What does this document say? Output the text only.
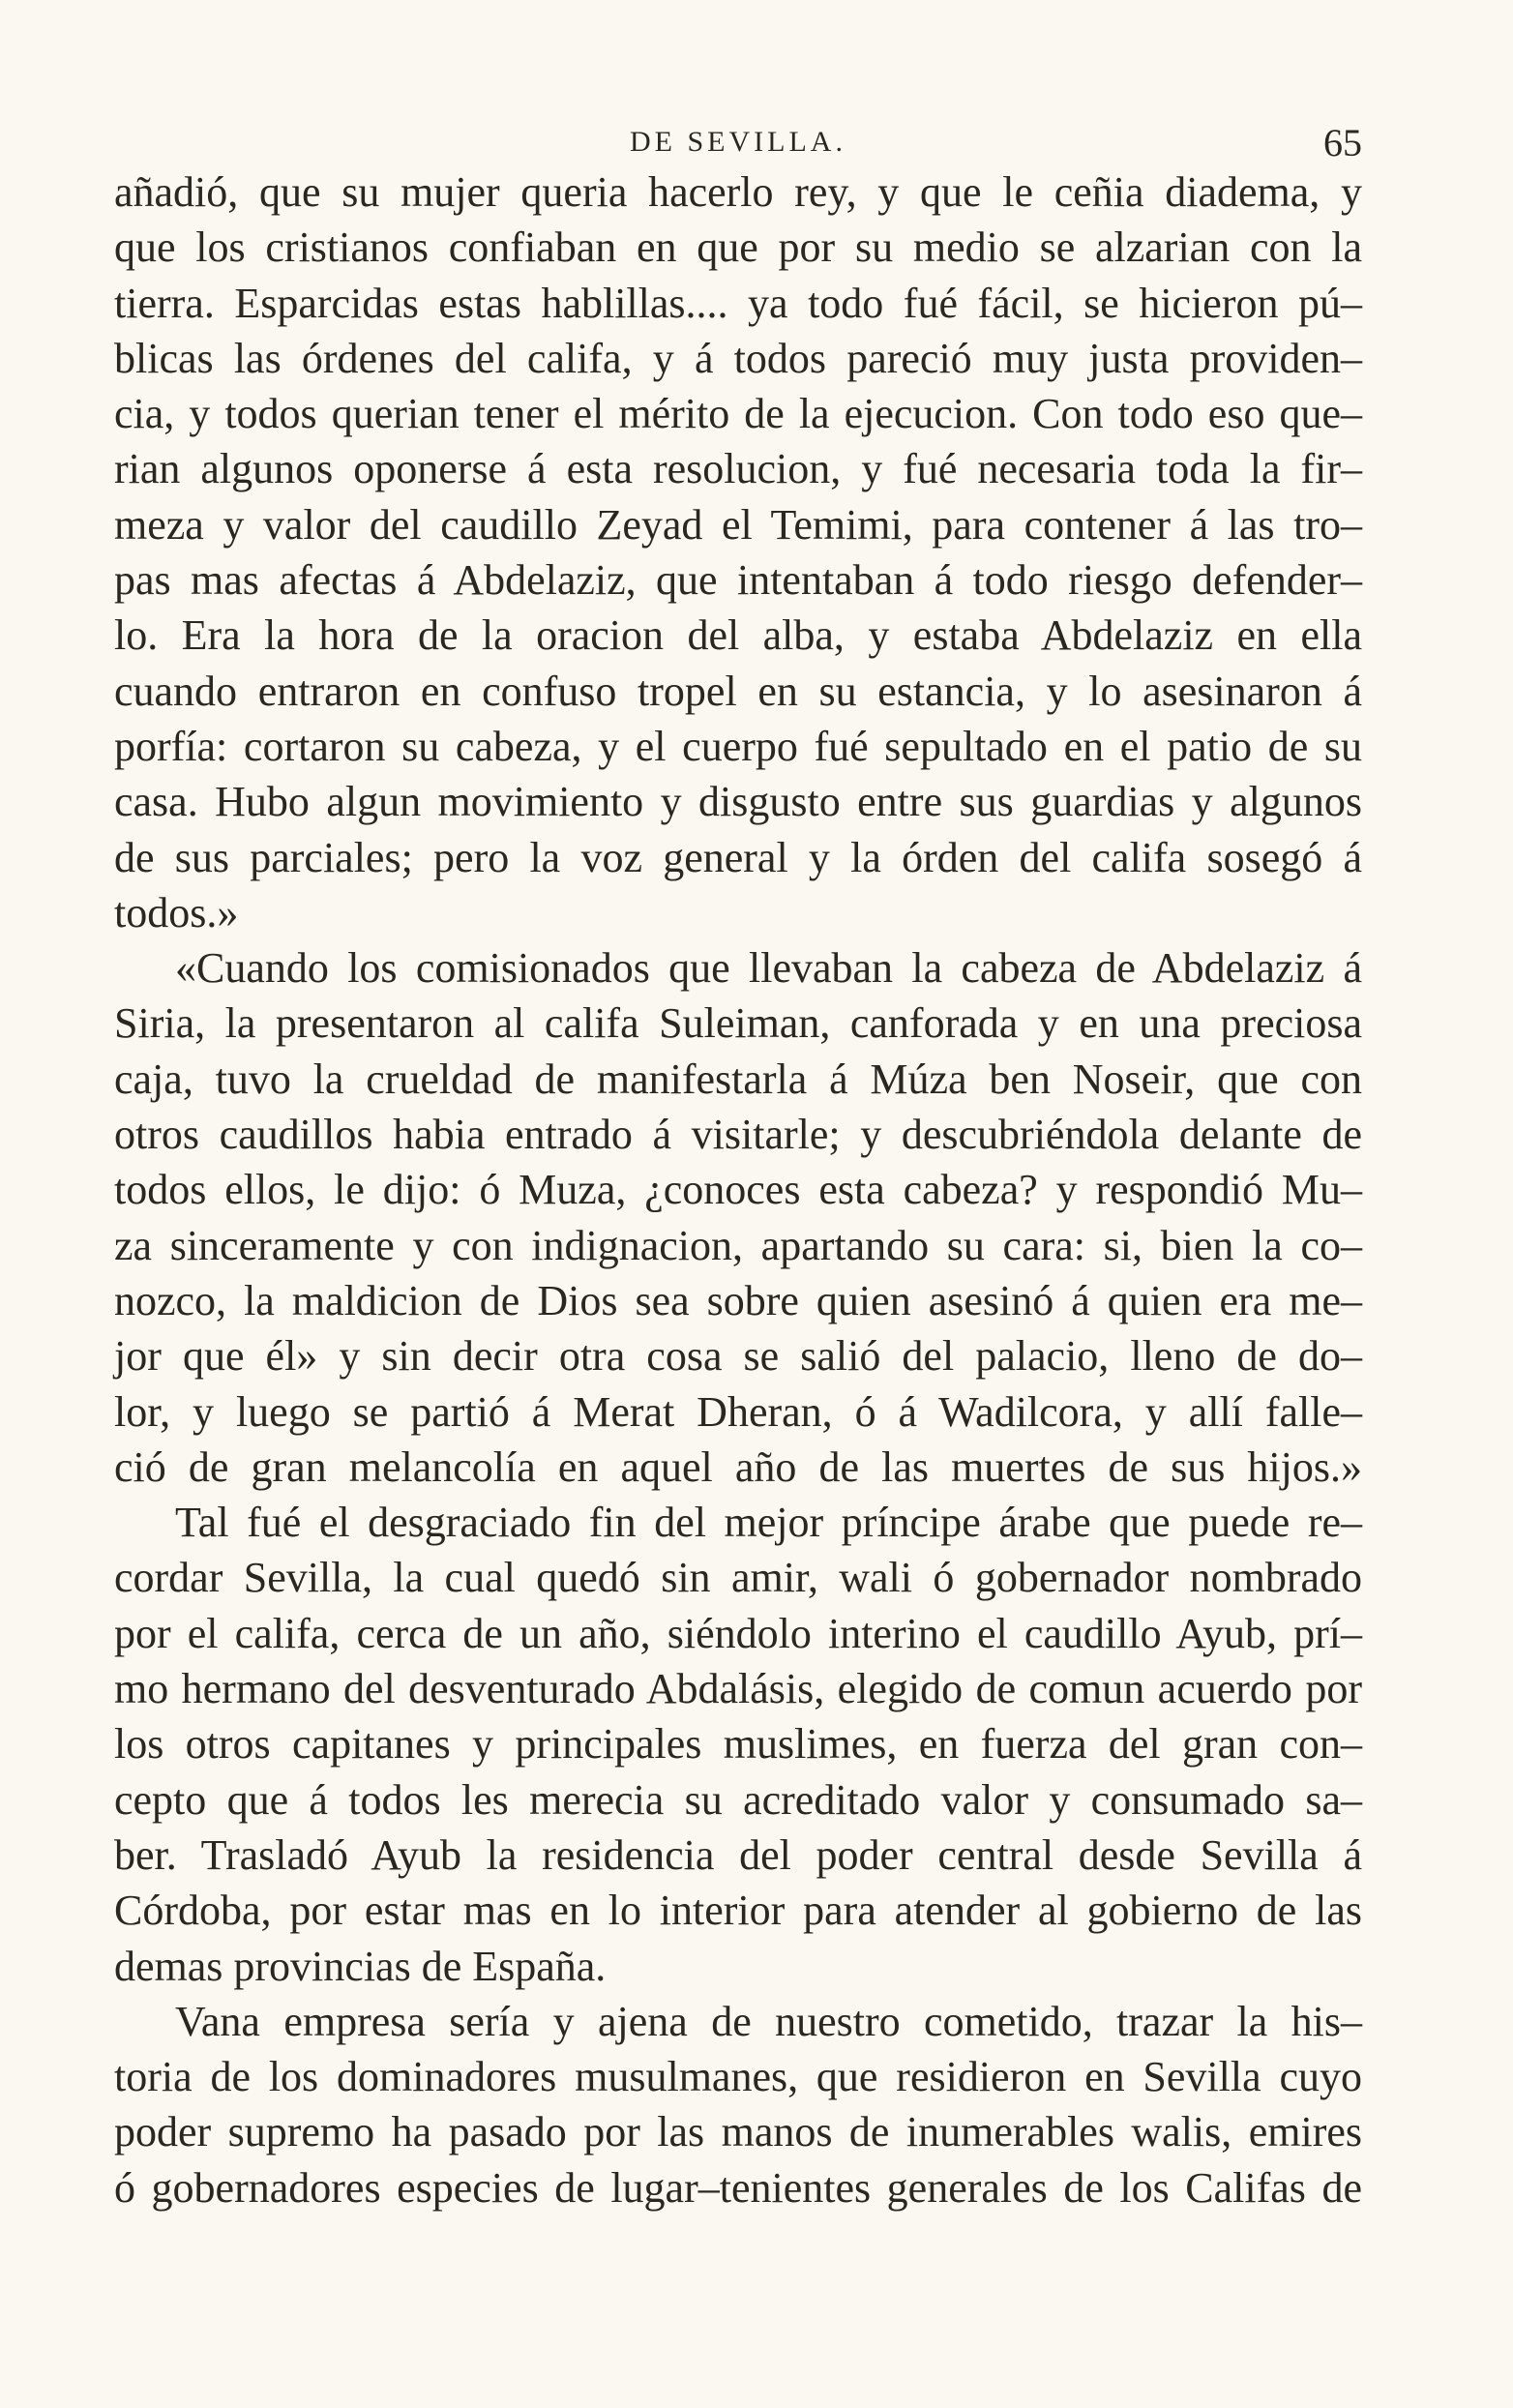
DE SEVILLA.	65
añadió, que su mujer queria hacerlo rey, y que le ceñia diadema, y
que los cristianos confiaban en que por su medio se alzarian con la
tierra. Esparcidas estas hablillas.... ya todo fué fácil, se hicieron pú–
blicas las órdenes del califa, y á todos pareció muy justa providen–
cia, y todos querian tener el mérito de la ejecucion. Con todo eso que–
rian algunos oponerse á esta resolucion, y fué necesaria toda la fir–
meza y valor del caudillo Zeyad el Temimi, para contener á las tro–
pas mas afectas á Abdelaziz, que intentaban á todo riesgo defender–
lo. Era la hora de la oracion del alba, y estaba Abdelaziz en ella
cuando entraron en confuso tropel en su estancia, y lo asesinaron á
porfía: cortaron su cabeza, y el cuerpo fué sepultado en el patio de su
casa. Hubo algun movimiento y disgusto entre sus guardias y algunos
de sus parciales; pero la voz general y la órden del califa sosegó á
todos.»
«Cuando los comisionados que llevaban la cabeza de Abdelaziz á
Siria, la presentaron al califa Suleiman, canforada y en una preciosa
caja, tuvo la crueldad de manifestarla á Múza ben Noseir, que con
otros caudillos habia entrado á visitarle; y descubriéndola delante de
todos ellos, le dijo: ó Muza, ¿conoces esta cabeza? y respondió Mu–
za sinceramente y con indignacion, apartando su cara: si, bien la co–
nozco, la maldicion de Dios sea sobre quien asesinó á quien era me–
jor que él» y sin decir otra cosa se salió del palacio, lleno de do–
lor, y luego se partió á Merat Dheran, ó á Wadilcora, y allí falle–
ció de gran melancolía en aquel año de las muertes de sus hijos.»
Tal fué el desgraciado fin del mejor príncipe árabe que puede re–
cordar Sevilla, la cual quedó sin amir, wali ó gobernador nombrado
por el califa, cerca de un año, siéndolo interino el caudillo Ayub, prí–
mo hermano del desventurado Abdalásis, elegido de comun acuerdo por
los otros capitanes y principales muslimes, en fuerza del gran con–
cepto que á todos les merecia su acreditado valor y consumado sa–
ber. Trasladó Ayub la residencia del poder central desde Sevilla á
Córdoba, por estar mas en lo interior para atender al gobierno de las
demas provincias de España.
Vana empresa sería y ajena de nuestro cometido, trazar la his–
toria de los dominadores musulmanes, que residieron en Sevilla cuyo
poder supremo ha pasado por las manos de inumerables walis, emires
ó gobernadores especies de lugar–tenientes generales de los Califas de
